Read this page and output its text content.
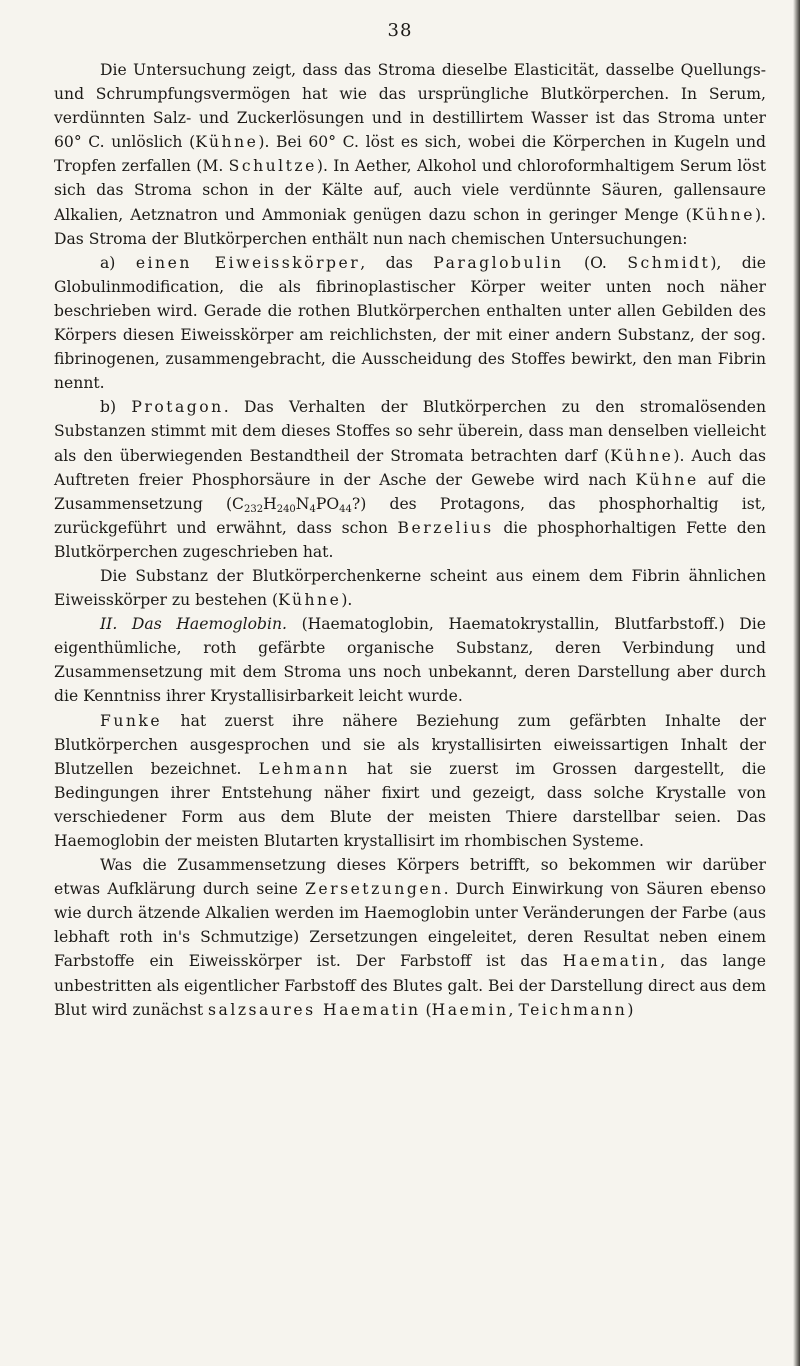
38

Die Untersuchung zeigt, dass das Stroma dieselbe Elasticität, dasselbe Quellungs- und Schrumpfungsvermögen hat wie das ursprüngliche Blutkörperchen. In Serum, verdünnten Salz- und Zuckerlösungen und in destillirtem Wasser ist das Stroma unter 60° C. unlöslich (Kühne). Bei 60° C. löst es sich, wobei die Körperchen in Kugeln und Tropfen zerfallen (M. Schultze). In Aether, Alkohol und chloroformhaltigem Serum löst sich das Stroma schon in der Kälte auf, auch viele verdünnte Säuren, gallensaure Alkalien, Aetznatron und Ammoniak genügen dazu schon in geringer Menge (Kühne). Das Stroma der Blutkörperchen enthält nun nach chemischen Untersuchungen:

a) einen Eiweisskörper, das Paraglobulin (O. Schmidt), die Globulinmodification, die als fibrinoplastischer Körper weiter unten noch näher beschrieben wird. Gerade die rothen Blutkörperchen enthalten unter allen Gebilden des Körpers diesen Eiweisskörper am reichlichsten, der mit einer andern Substanz, der sog. fibrinogenen, zusammengebracht, die Ausscheidung des Stoffes bewirkt, den man Fibrin nennt.

b) Protagon. Das Verhalten der Blutkörperchen zu den stromalösenden Substanzen stimmt mit dem dieses Stoffes so sehr überein, dass man denselben vielleicht als den überwiegenden Bestandtheil der Stromata betrachten darf (Kühne). Auch das Auftreten freier Phosphorsäure in der Asche der Gewebe wird nach Kühne auf die Zusammensetzung $(C_{232}H_{240}N_4PO_{44}?)$ des Protagons, das phosphorhaltig ist, zurückgeführt und erwähnt, dass schon Berzelius die phosphorhaltigen Fette den Blutkörperchen zugeschrieben hat.

Die Substanz der Blutkörperchenkerne scheint aus einem dem Fibrin ähnlichen Eiweisskörper zu bestehen (Kühne).

II. Das Haemoglobin. (Haematoglobin, Haematokrystallin, Blutfarbstoff.) Die eigenthümliche, roth gefärbte organische Substanz, deren Verbindung und Zusammensetzung mit dem Stroma uns noch unbekannt, deren Darstellung aber durch die Kenntniss ihrer Krystallisirbarkeit leicht wurde.

Funke hat zuerst ihre nähere Beziehung zum gefärbten Inhalte der Blutkörperchen ausgesprochen und sie als krystallisirten eiweissartigen Inhalt der Blutzellen bezeichnet. Lehmann hat sie zuerst im Grossen dargestellt, die Bedingungen ihrer Entstehung näher fixirt und gezeigt, dass solche Krystalle von verschiedener Form aus dem Blute der meisten Thiere darstellbar seien. Das Haemoglobin der meisten Blutarten krystallisirt im rhombischen Systeme.

Was die Zusammensetzung dieses Körpers betrifft, so bekommen wir darüber etwas Aufklärung durch seine Zersetzungen. Durch Einwirkung von Säuren ebenso wie durch ätzende Alkalien werden im Haemoglobin unter Veränderungen der Farbe (aus lebhaft roth in's Schmutzige) Zersetzungen eingeleitet, deren Resultat neben einem Farbstoffe ein Eiweisskörper ist. Der Farbstoff ist das Haematin, das lange unbestritten als eigentlicher Farbstoff des Blutes galt. Bei der Darstellung direct aus dem Blut wird zunächst salzsaures Haematin (Haemin, Teichmann)
